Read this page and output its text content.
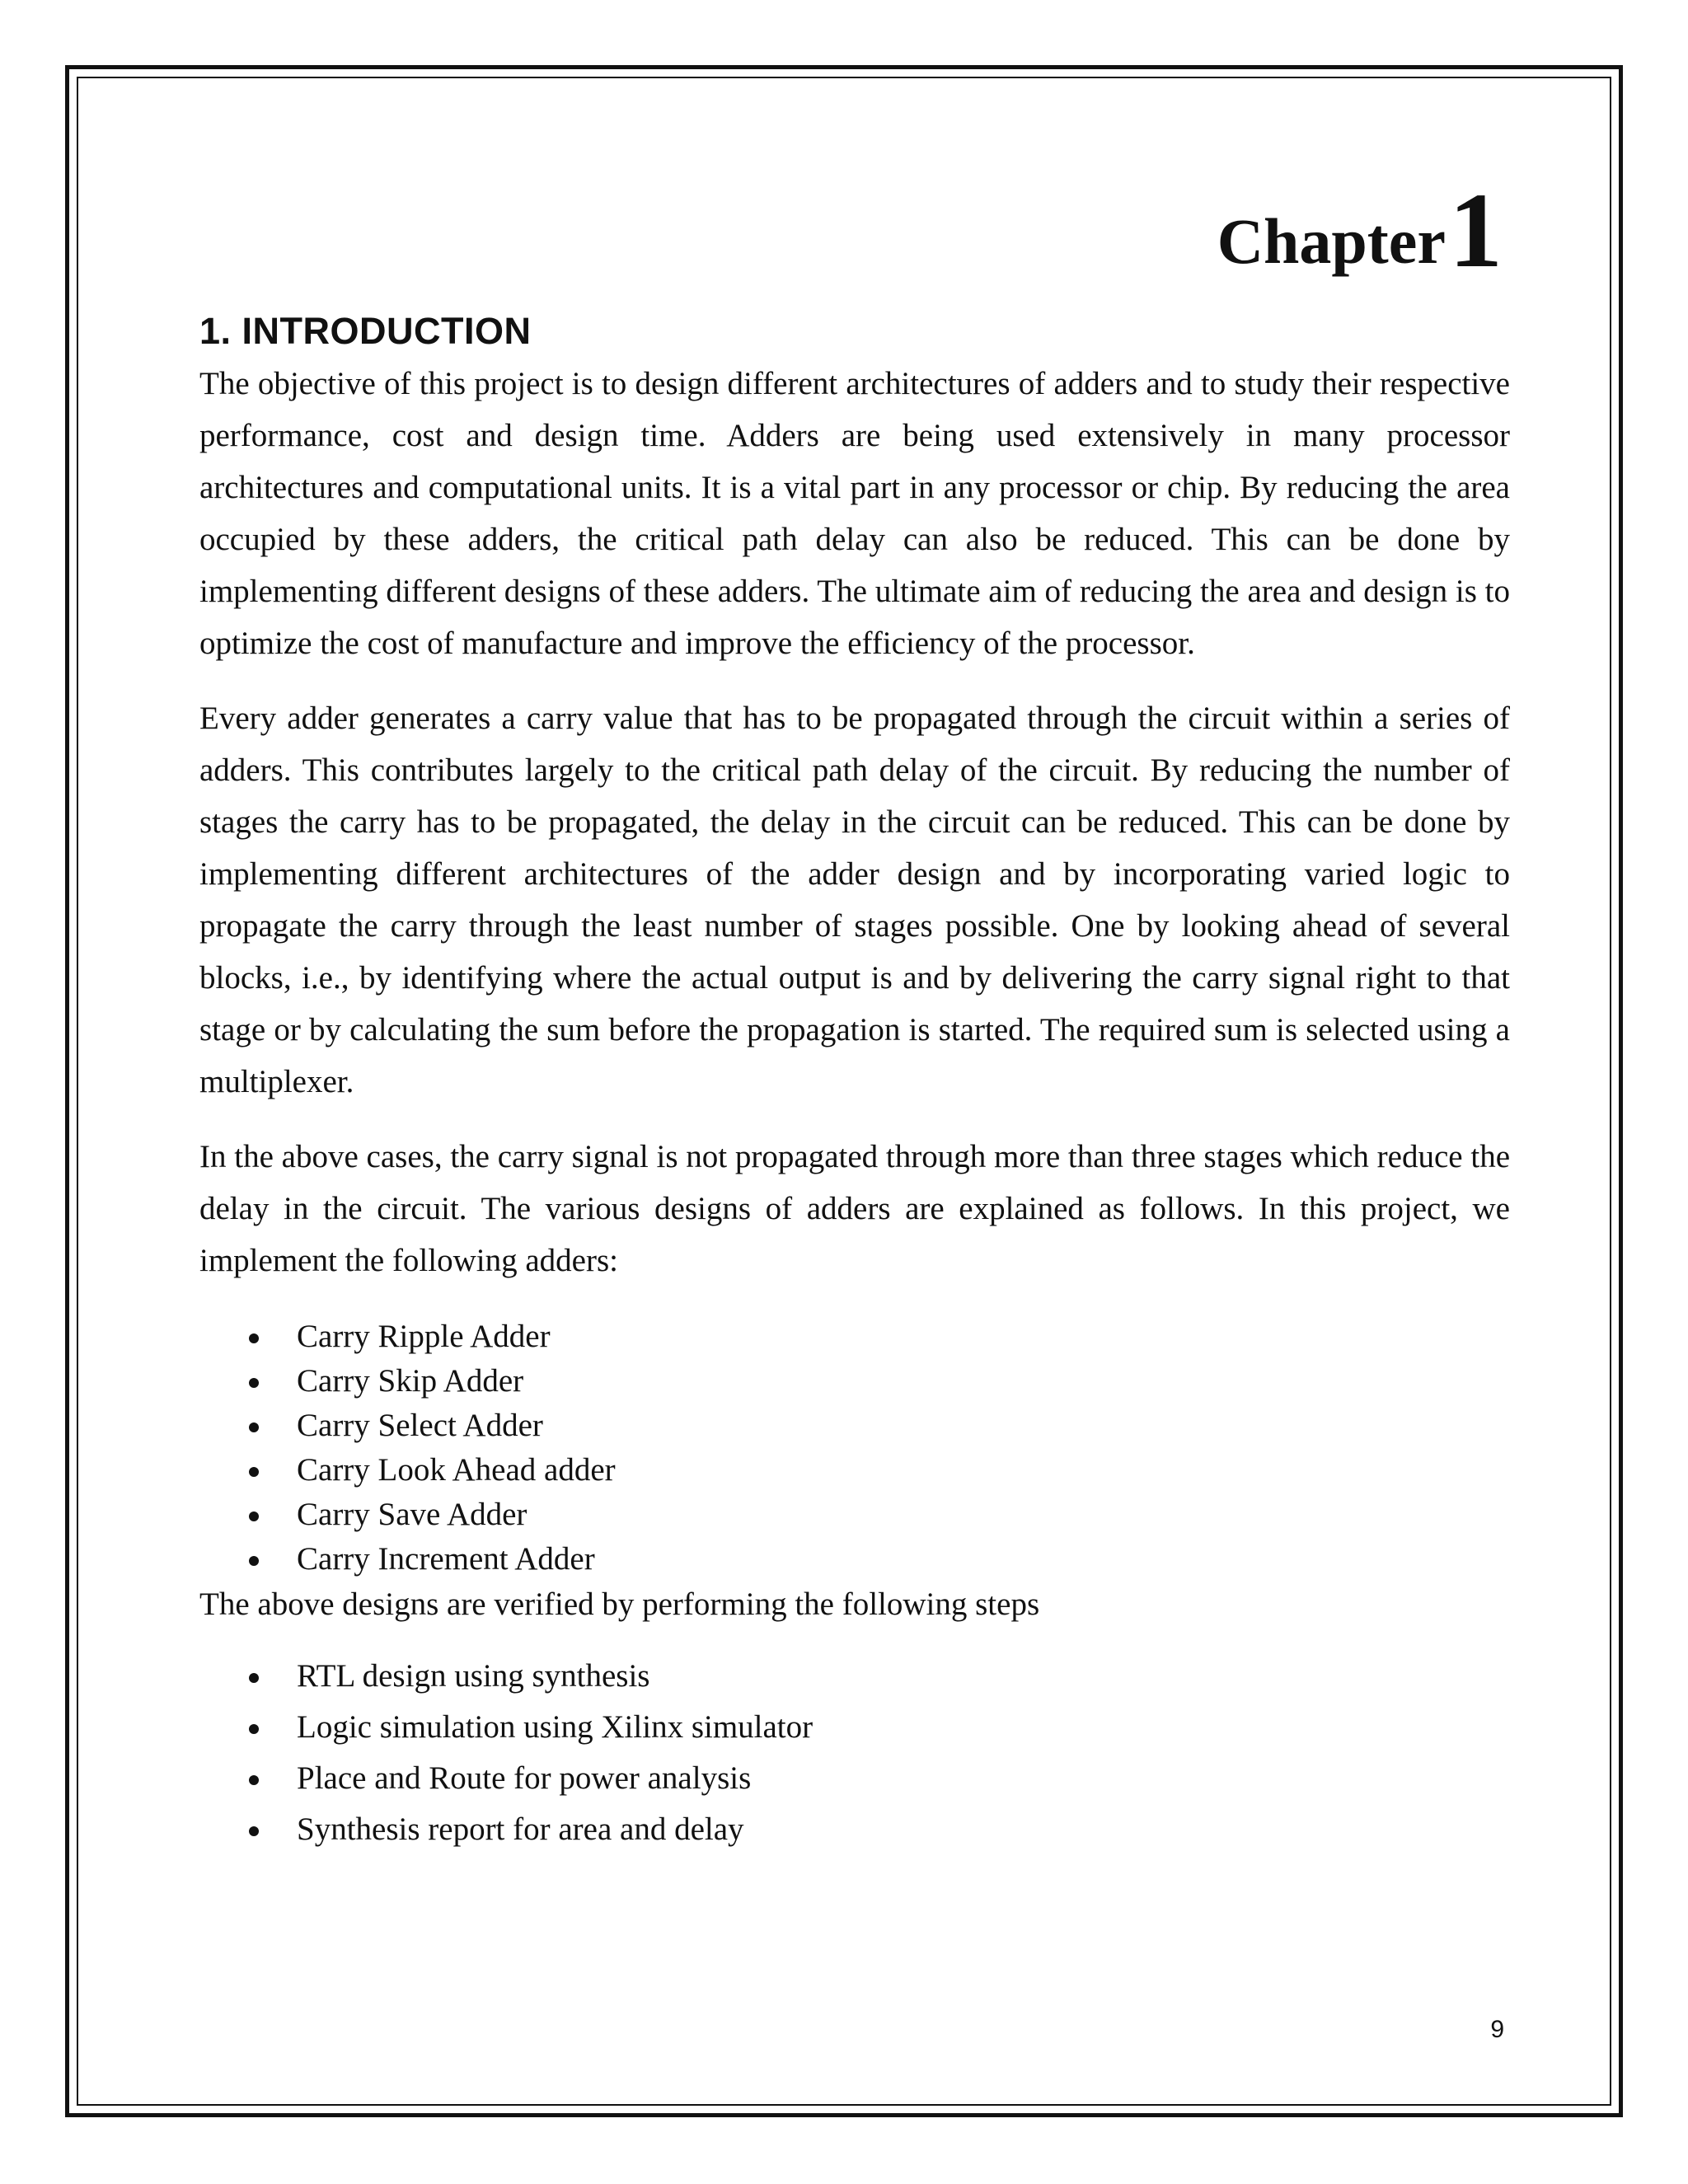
Chapter1
1. INTRODUCTION

The objective of this project is to design different architectures of adders and to study their respective performance, cost and design time. Adders are being used extensively in many processor architectures and computational units. It is a vital part in any processor or chip. By reducing the area occupied by these adders, the critical path delay can also be reduced. This can be done by implementing different designs of these adders. The ultimate aim of reducing the area and design is to optimize the cost of manufacture and improve the efficiency of the processor.

Every adder generates a carry value that has to be propagated through the circuit within a series of adders. This contributes largely to the critical path delay of the circuit. By reducing the number of stages the carry has to be propagated, the delay in the circuit can be reduced. This can be done by implementing different architectures of the adder design and by incorporating varied logic to propagate the carry through the least number of stages possible. One by looking ahead of several blocks, i.e., by identifying where the actual output is and by delivering the carry signal right to that stage or by calculating the sum before the propagation is started. The required sum is selected using a multiplexer.

In the above cases, the carry signal is not propagated through more than three stages which reduce the delay in the circuit. The various designs of adders are explained as follows. In this project, we implement the following adders:

Carry Ripple Adder
Carry Skip Adder
Carry Select Adder
Carry Look Ahead adder
Carry Save Adder
Carry Increment Adder

The above designs are verified by performing the following steps

RTL design using synthesis
Logic simulation using Xilinx simulator
Place and Route for power analysis
Synthesis report for area and delay
9
